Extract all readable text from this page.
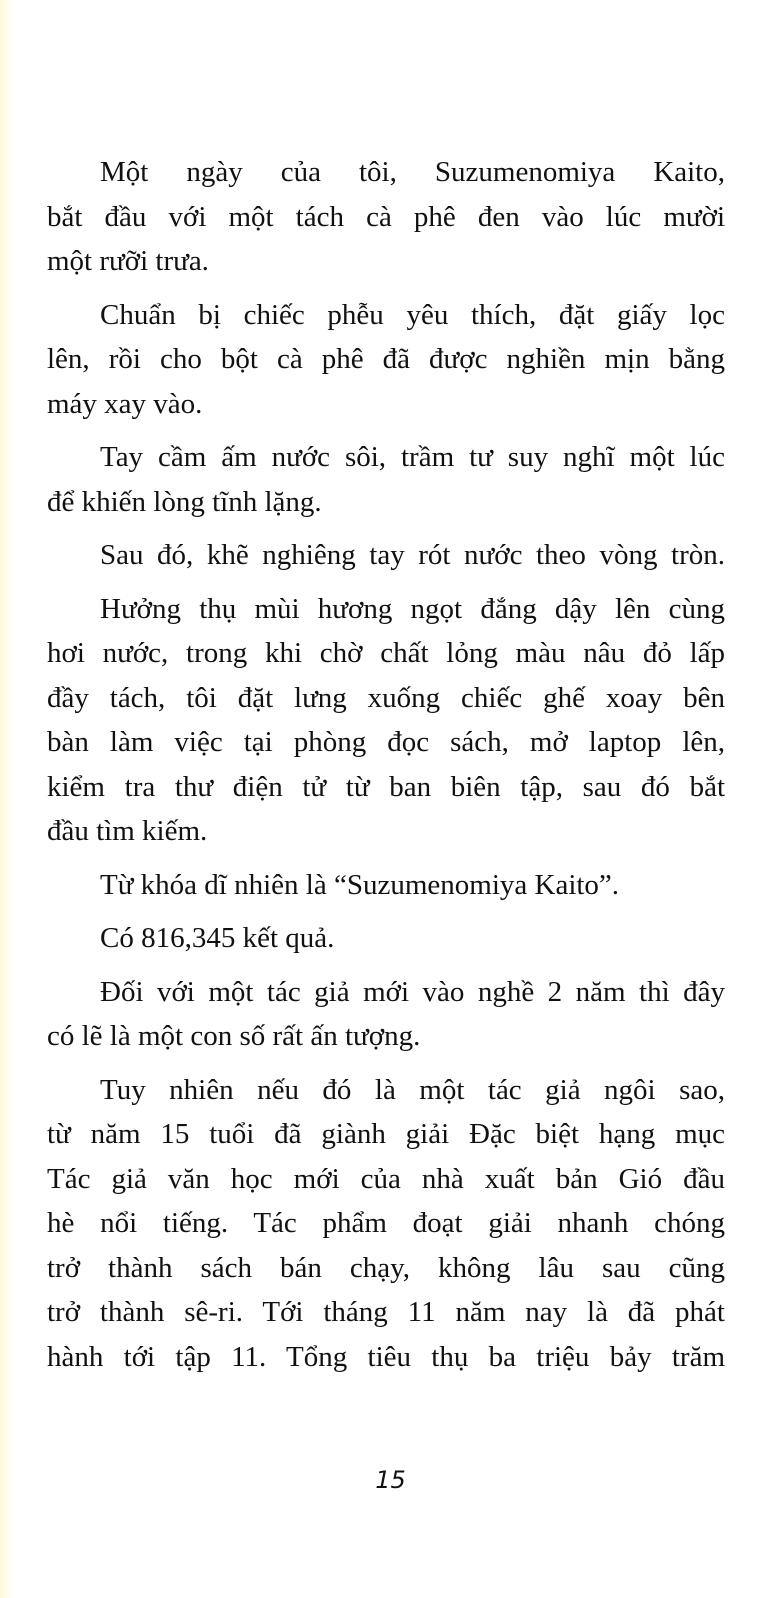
Một ngày của tôi, Suzumenomiya Kaito,
bắt đầu với một tách cà phê đen vào lúc mười
một rưỡi trưa.
Chuẩn bị chiếc phễu yêu thích, đặt giấy lọc
lên, rồi cho bột cà phê đã được nghiền mịn bằng
máy xay vào.
Tay cầm ấm nước sôi, trầm tư suy nghĩ một lúc
để khiến lòng tĩnh lặng.
Sau đó, khẽ nghiêng tay rót nước theo vòng tròn.
Hưởng thụ mùi hương ngọt đắng dậy lên cùng
hơi nước, trong khi chờ chất lỏng màu nâu đỏ lấp
đầy tách, tôi đặt lưng xuống chiếc ghế xoay bên
bàn làm việc tại phòng đọc sách, mở laptop lên,
kiểm tra thư điện tử từ ban biên tập, sau đó bắt
đầu tìm kiếm.
Từ khóa dĩ nhiên là “Suzumenomiya Kaito”.
Có 816,345 kết quả.
Đối với một tác giả mới vào nghề 2 năm thì đây
có lẽ là một con số rất ấn tượng.
Tuy nhiên nếu đó là một tác giả ngôi sao,
từ năm 15 tuổi đã giành giải Đặc biệt hạng mục
Tác giả văn học mới của nhà xuất bản Gió đầu
hè nổi tiếng. Tác phẩm đoạt giải nhanh chóng
trở thành sách bán chạy, không lâu sau cũng
trở thành sê-ri. Tới tháng 11 năm nay là đã phát
hành tới tập 11. Tổng tiêu thụ ba triệu bảy trăm
15
